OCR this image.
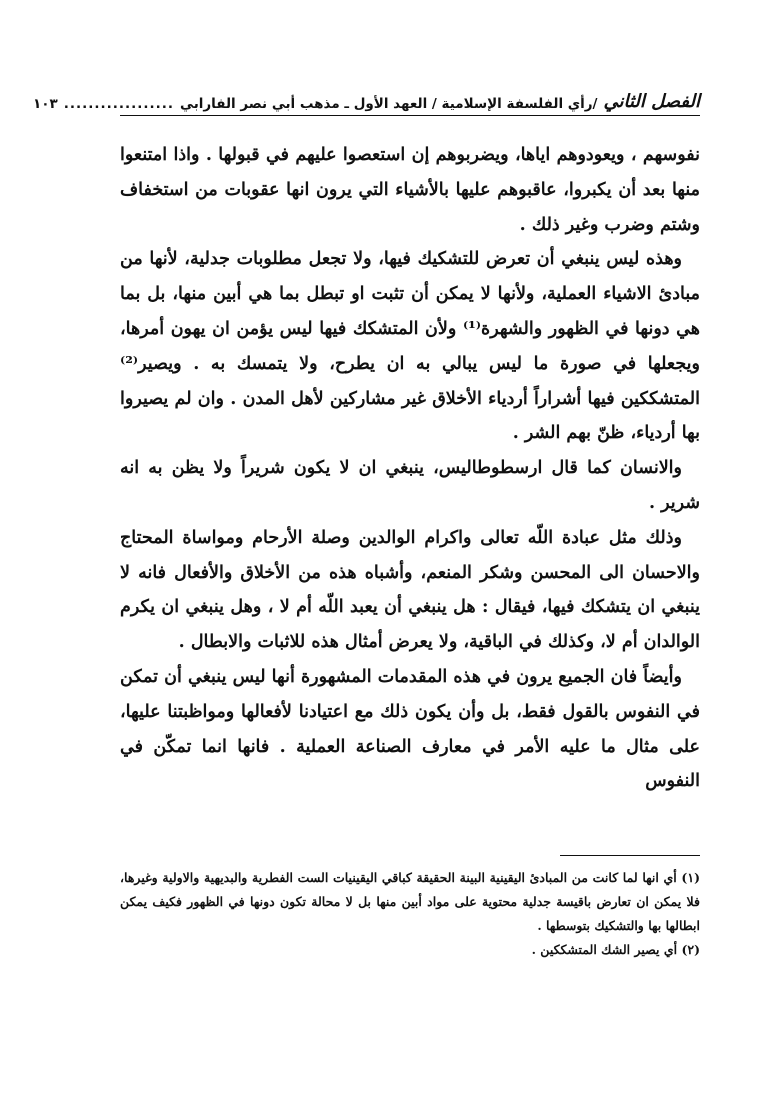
الفصل الثاني
/رأي الفلسفة الإسلامية / العهد الأول ـ مذهب أبي نصر الفارابي
..................
١٠٣

نفوسهم ، ويعودوهم اياها، ويضربوهم إن استعصوا عليهم في قبولها . واذا امتنعوا منها بعد أن يكبروا، عاقبوهم عليها بالأشياء التي يرون انها عقوبات من استخفاف وشتم وضرب وغير ذلك .

وهذه ليس ينبغي أن تعرض للتشكيك فيها، ولا تجعل مطلوبات جدلية، لأنها من مبادئ الاشياء العملية، ولأنها لا يمكن أن تثبت او تبطل بما هي أبين منها، بل بما هي دونها في الظهور والشهرة⁽¹⁾ ولأن المتشكك فيها ليس يؤمن ان يهون أمرها، ويجعلها في صورة ما ليس يبالي به ان يطرح، ولا يتمسك به . ويصير⁽²⁾ المتشككين فيها أشراراً أردياء الأخلاق غير مشاركين لأهل المدن . وان لم يصيروا بها أردياء، ظنّ بهم الشر .

والانسان كما قال ارسطوطاليس، ينبغي ان لا يكون شريراً ولا يظن به انه شرير .

وذلك مثل عبادة اللّه تعالى واكرام الوالدين وصلة الأرحام ومواساة المحتاج والاحسان الى المحسن وشكر المنعم، وأشباه هذه من الأخلاق والأفعال فانه لا ينبغي ان يتشكك فيها، فيقال : هل ينبغي أن يعبد اللّه أم لا ، وهل ينبغي ان يكرم الوالدان أم لا، وكذلك في الباقية، ولا يعرض أمثال هذه للاثبات والابطال .

وأيضاً فان الجميع يرون في هذه المقدمات المشهورة أنها ليس ينبغي أن تمكن في النفوس بالقول فقط، بل وأن يكون ذلك مع اعتيادنا لأفعالها ومواظبتنا عليها، على مثال ما عليه الأمر في معارف الصناعة العملية . فانها انما تمكّن في النفوس

(١) أي انها لما كانت من المبادئ اليقينية البينة الحقيقة كباقي اليقينيات الست الفطرية والبديهية والاولية وغيرها، فلا يمكن ان تعارض باقيسة جدلية محتوية على مواد أبين منها بل لا محالة تكون دونها في الظهور فكيف يمكن ابطالها بها والتشكيك بتوسطها .

(٢) أي يصير الشك المتشككين .
